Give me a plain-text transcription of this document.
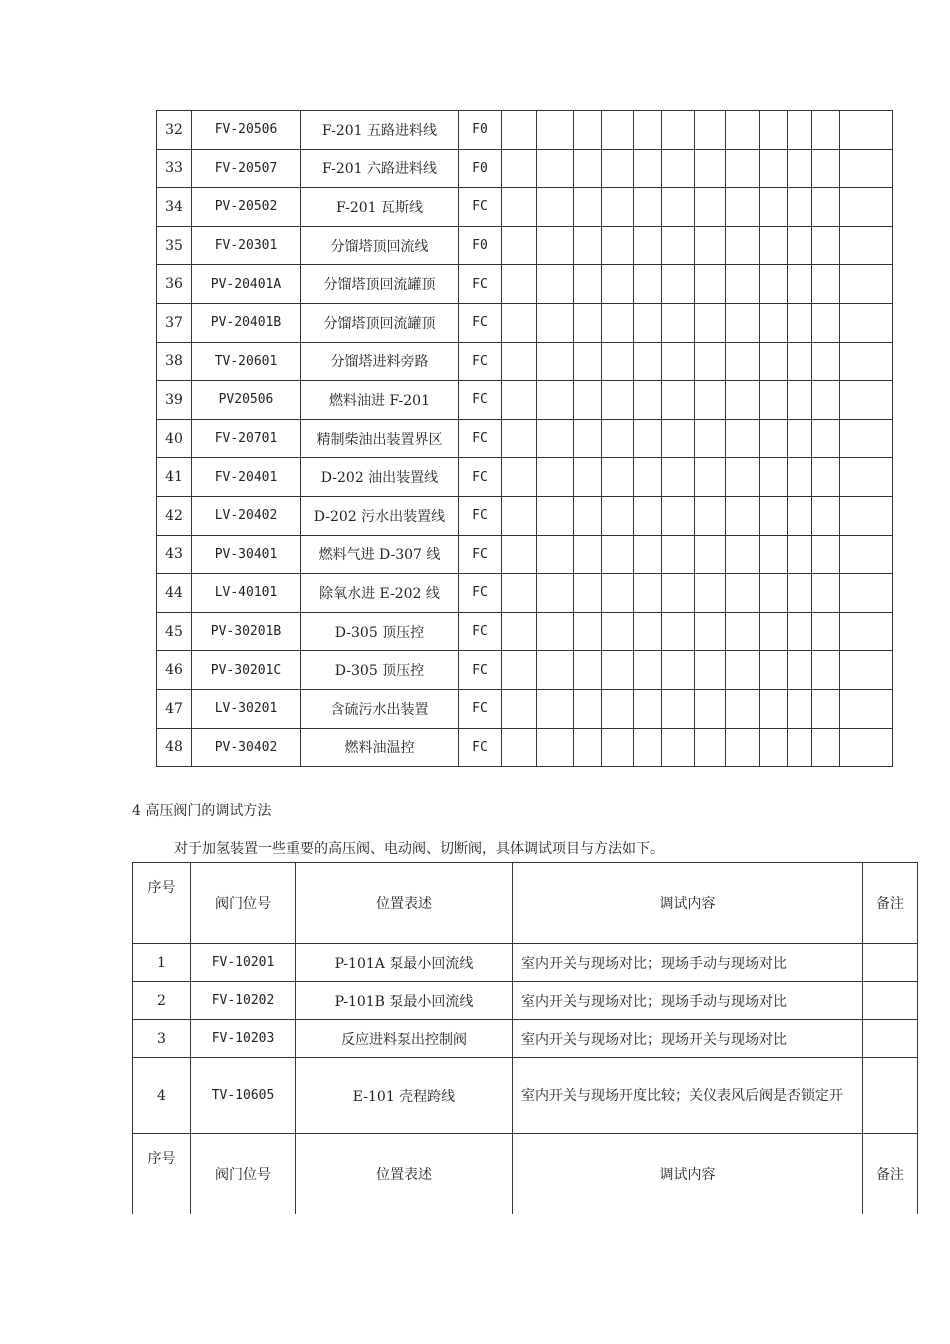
32	FV-20506	F-201 五路进料线	F0												
33	FV-20507	F-201 六路进料线	F0												
34	PV-20502	F-201 瓦斯线	FC												
35	FV-20301	分馏塔顶回流线	F0												
36	PV-20401A	分馏塔顶回流罐顶	FC												
37	PV-20401B	分馏塔顶回流罐顶	FC												
38	TV-20601	分馏塔进料旁路	FC												
39	PV20506	燃料油进 F-201	FC												
40	FV-20701	精制柴油出装置界区	FC												
41	FV-20401	D-202 油出装置线	FC												
42	LV-20402	D-202 污水出装置线	FC												
43	PV-30401	燃料气进 D-307 线	FC												
44	LV-40101	除氧水进 E-202 线	FC												
45	PV-30201B	D-305 顶压控	FC												
46	PV-30201C	D-305 顶压控	FC												
47	LV-30201	含硫污水出装置	FC												
48	PV-30402	燃料油温控	FC												
4 高压阀门的调试方法
对于加氢装置一些重要的高压阀、电动阀、切断阀，具体调试项目与方法如下。
序号	阀门位号	位置表述	调试内容	备注
1	FV-10201	P-101A 泵最小回流线	室内开关与现场对比；现场手动与现场对比	
2	FV-10202	P-101B 泵最小回流线	室内开关与现场对比；现场手动与现场对比	
3	FV-10203	反应进料泵出控制阀	室内开关与现场对比；现场开关与现场对比	
4	TV-10605	E-101 壳程跨线	室内开关与现场开度比较；关仪表风后阀是否锁定开	
序号	阀门位号	位置表述	调试内容	备注
